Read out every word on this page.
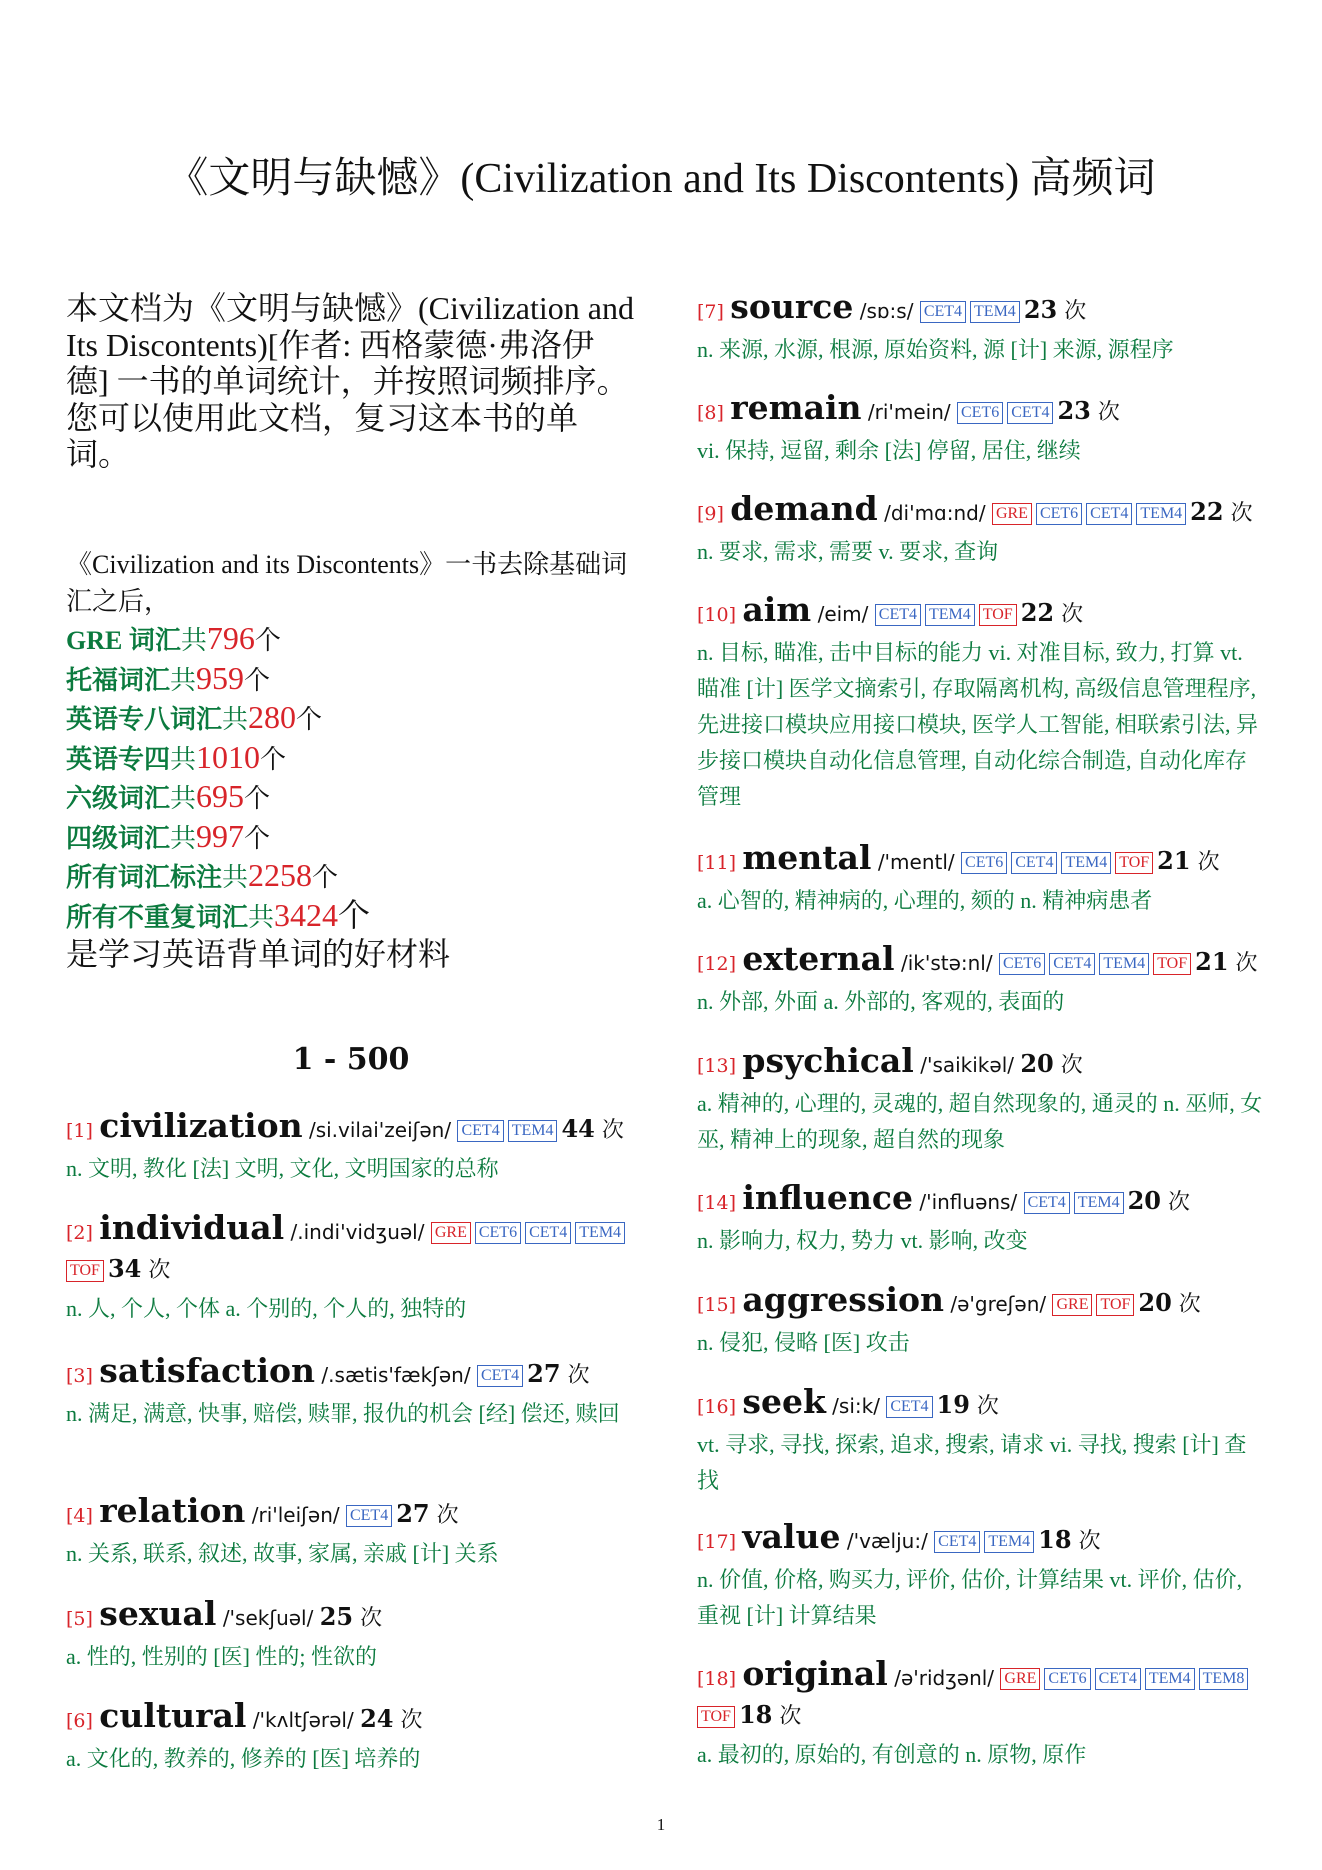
《文明与缺憾》(Civilization and Its Discontents) 高频词
本文档为《文明与缺憾》(Civilization and Its Discontents)[作者: 西格蒙德·弗洛伊德] 一书的单词统计，并按照词频排序。
您可以使用此文档，复习这本书的单词。
《Civilization and its Discontents》一书去除基础词汇之后，
GRE 词汇共796个
托福词汇共959个
英语专八词汇共280个
英语专四共1010个
六级词汇共695个
四级词汇共997个
所有词汇标注共2258个
所有不重复词汇共3424个
是学习英语背单词的好材料
1 - 500
[1] civilization /si.vilai'zeiʃən/ CET4 TEM4 44 次
n. 文明, 教化 [法] 文明, 文化, 文明国家的总称
[2] individual /.indi'vidʒuəl/ GRE CET6 CET4 TEM4TOF 34 次
n. 人, 个人, 个体 a. 个别的, 个人的, 独特的
[3] satisfaction /.sætis'fækʃən/ CET4 27 次
n. 满足, 满意, 快事, 赔偿, 赎罪, 报仇的机会 [经] 偿还, 赎回
[4] relation /ri'leiʃən/ CET4 27 次
n. 关系, 联系, 叙述, 故事, 家属, 亲戚 [计] 关系
[5] sexual /'sekʃuəl/ 25 次
a. 性的, 性别的 [医] 性的; 性欲的
[6] cultural /'kʌltʃərəl/ 24 次
a. 文化的, 教养的, 修养的 [医] 培养的
[7] source /sɒ:s/ CET4 TEM4 23 次
n. 来源, 水源, 根源, 原始资料, 源 [计] 来源, 源程序
[8] remain /ri'mein/ CET6 CET4 23 次
vi. 保持, 逗留, 剩余 [法] 停留, 居住, 继续
[9] demand /di'mɑ:nd/ GRE CET6 CET4 TEM4 22 次
n. 要求, 需求, 需要 v. 要求, 查询
[10] aim /eim/ CET4 TEM4 TOF 22 次
n. 目标, 瞄准, 击中目标的能力 vi. 对准目标, 致力, 打算 vt. 瞄准 [计] 医学文摘索引, 存取隔离机构, 高级信息管理程序, 先进接口模块应用接口模块, 医学人工智能, 相联索引法, 异步接口模块自动化信息管理, 自动化综合制造, 自动化库存管理
[11] mental /'mentl/ CET6 CET4 TEM4 TOF 21 次
a. 心智的, 精神病的, 心理的, 颏的 n. 精神病患者
[12] external /ik'stə:nl/ CET6 CET4 TEM4 TOF 21 次
n. 外部, 外面 a. 外部的, 客观的, 表面的
[13] psychical /'saikikəl/ 20 次
a. 精神的, 心理的, 灵魂的, 超自然现象的, 通灵的 n. 巫师, 女巫, 精神上的现象, 超自然的现象
[14] influence /'influəns/ CET4 TEM4 20 次
n. 影响力, 权力, 势力 vt. 影响, 改变
[15] aggression /ə'greʃən/ GRE TOF 20 次
n. 侵犯, 侵略 [医] 攻击
[16] seek /si:k/ CET4 19 次
vt. 寻求, 寻找, 探索, 追求, 搜索, 请求 vi. 寻找, 搜索 [计] 查找
[17] value /'vælju:/ CET4 TEM4 18 次
n. 价值, 价格, 购买力, 评价, 估价, 计算结果 vt. 评价, 估价, 重视 [计] 计算结果
[18] original /ə'ridʒənl/ GRE CET6 CET4 TEM4 TEM8TOF 18 次
a. 最初的, 原始的, 有创意的 n. 原物, 原作
1
